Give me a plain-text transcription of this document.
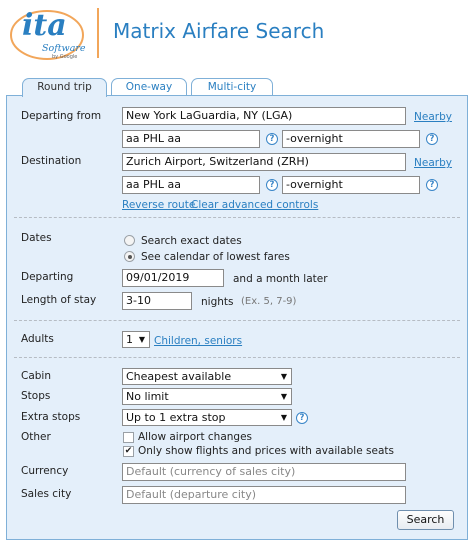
ita
Software
by Google
Matrix Airfare Search
Round trip	One-way	Multi-city
Departing from	New York LaGuardia, NY (LGA)	Nearby
aa PHL aa	?	-overnight	?
Destination	Zurich Airport, Switzerland (ZRH)	Nearby
aa PHL aa	?	-overnight	?
Reverse route
Clear advanced controls
Dates	Search exact dates
See calendar of lowest fares
Departing	09/01/2019	and a month later
Length of stay	3-10	nights (Ex. 5, 7-9)
Adults	1 ▼ Children, seniors
Cabin	Cheapest available	▼
Stops	No limit	▼
Extra stops	Up to 1 extra stop	▼	?
Other	Allow airport changes
✔ Only show flights and prices with available seats
Currency	Default (currency of sales city)
Sales city	Default (departure city)
Search
